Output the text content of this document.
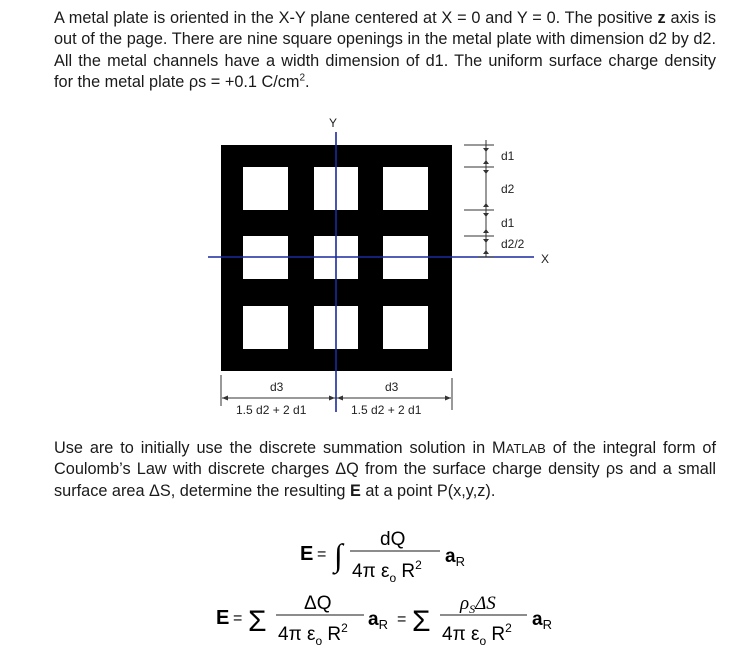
A metal plate is oriented in the X-Y plane centered at X = 0 and Y = 0. The positive z axis is out of the page. There are nine square openings in the metal plate with dimension d2 by d2. All the metal channels have a width dimension of d1. The uniform surface charge density for the metal plate ρs = +0.1 $C/cm^2$.

Y
X
d1
d2
d1
d2/2
d3	d3
1.5 d2 + 2 d1	1.5 d2 + 2 d1

Use are to initially use the discrete summation solution in MATLAB of the integral form of Coulomb’s Law with discrete charges ΔQ from the surface charge density ρs and a small surface area ΔS, determine the resulting E at a point P(x,y,z).

E = ∫ dQ
4π $\varepsilon_o$ $R^2$ $a_R$
E = Σ
ΔQ
4π $\varepsilon_o$ $R^2$ $a_R = \Sigma$
$\rho_S\Delta S$
4π $\varepsilon_o$ $R^2$ $a_R$
